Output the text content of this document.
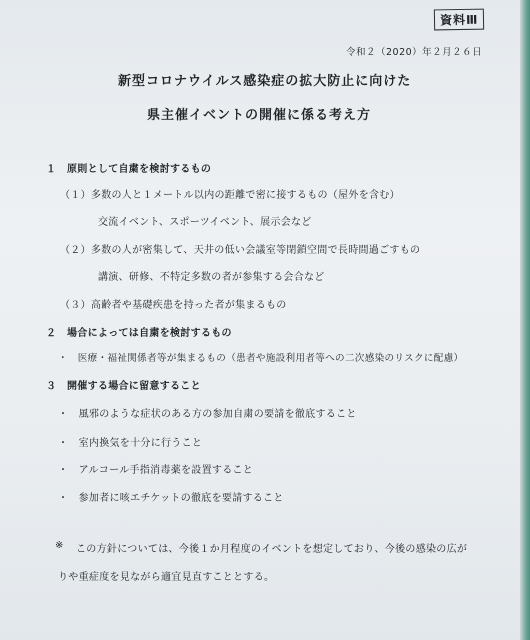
資料Ⅲ
令和２（2020）年２月２６日
新型コロナウイルス感染症の拡大防止に向けた
県主催イベントの開催に係る考え方
１ 原則として自粛を検討するもの
（１）多数の人と１メートル以内の距離で密に接するもの（屋外を含む）
交流イベント、スポーツイベント、展示会など
（２）多数の人が密集して、天井の低い会議室等閉鎖空間で長時間過ごすもの
講演、研修、不特定多数の者が参集する会合など
（３）高齢者や基礎疾患を持った者が集まるもの
２ 場合によっては自粛を検討するもの
・　医療・福祉関係者等が集まるもの（患者や施設利用者等への二次感染のリスクに配慮）
３ 開催する場合に留意すること
・　風邪のような症状のある方の参加自粛の要請を徹底すること
・　室内換気を十分に行うこと
・　アルコール手指消毒薬を設置すること
・　参加者に咳エチケットの徹底を要請すること
※ この方針については、今後１か月程度のイベントを想定しており、今後の感染の広が
りや重症度を見ながら適宜見直すこととする。
